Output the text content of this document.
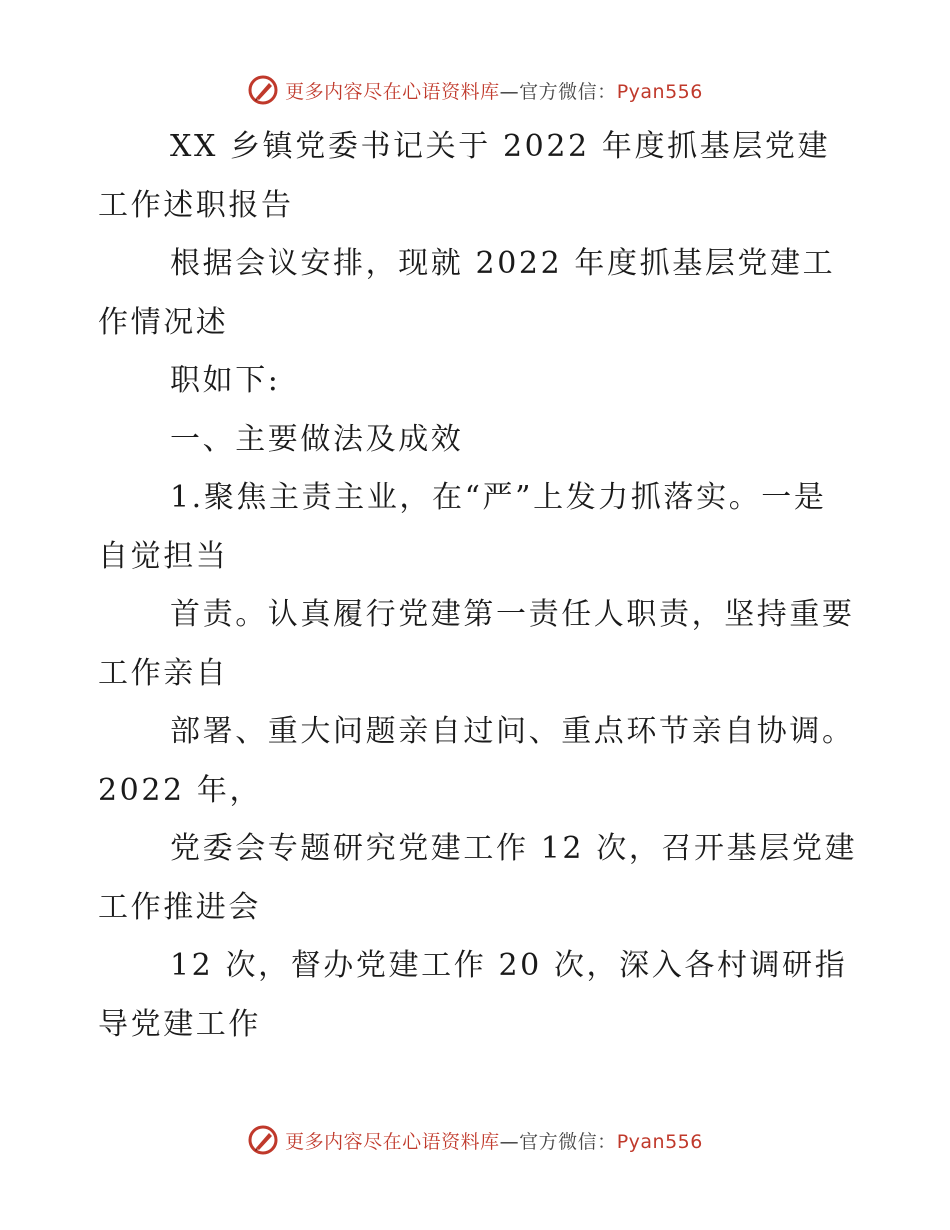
更多内容尽在心语资料库—官方微信：Pyan556

XX 乡镇党委书记关于 2022 年度抓基层党建工作述职报告

根据会议安排，现就 2022 年度抓基层党建工作情况述

职如下:

一、主要做法及成效

1.聚焦主责主业，在“严”上发力抓落实。一是自觉担当

首责。认真履行党建第一责任人职责，坚持重要工作亲自

部署、重大问题亲自过问、重点环节亲自协调。2022 年，

党委会专题研究党建工作 12 次，召开基层党建工作推进会

12 次，督办党建工作 20 次，深入各村调研指导党建工作

更多内容尽在心语资料库—官方微信：Pyan556
